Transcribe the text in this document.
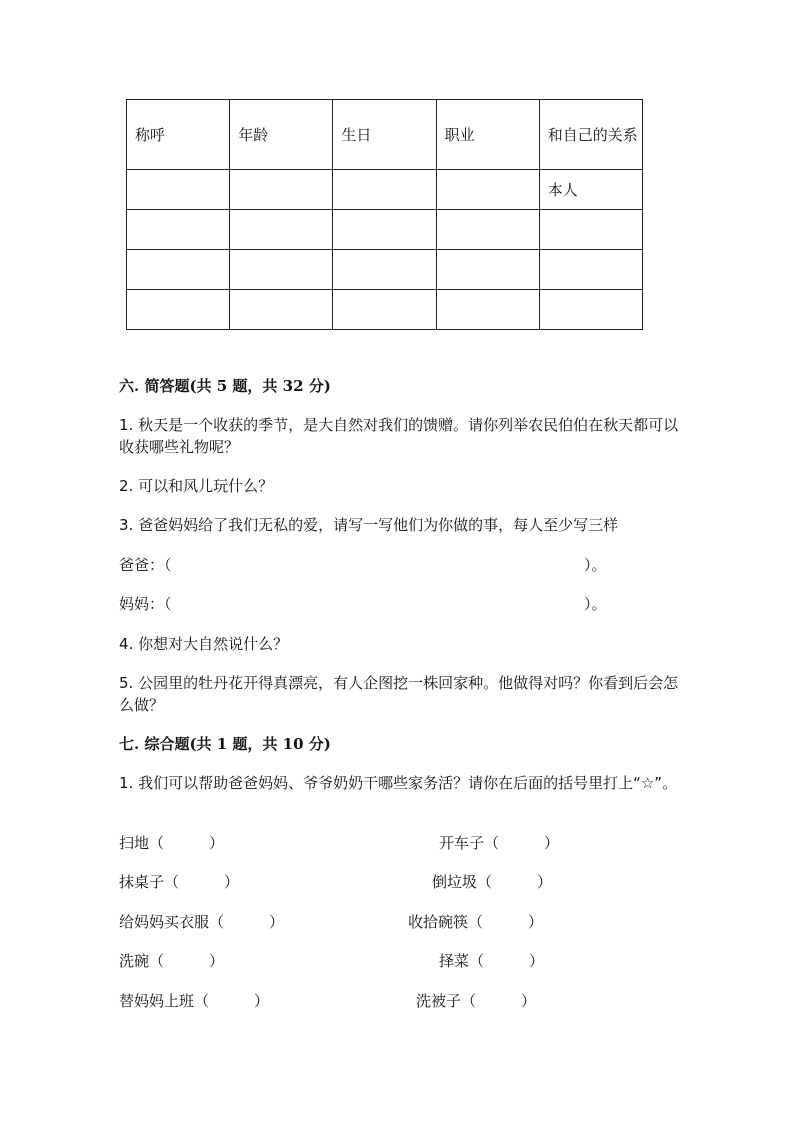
称呼	年龄	生日	职业	和自己的关系
				本人

六. 简答题(共 5 题，共 32 分)
1. 秋天是一个收获的季节，是大自然对我们的馈赠。请你列举农民伯伯在秋天都可以收获哪些礼物呢？
2. 可以和风儿玩什么？
3. 爸爸妈妈给了我们无私的爱，请写一写他们为你做的事，每人至少写三样
爸爸：（	）。
妈妈：（	）。
4. 你想对大自然说什么？
5. 公园里的牡丹花开得真漂亮，有人企图挖一株回家种。他做得对吗？你看到后会怎么做？
七. 综合题(共 1 题，共 10 分)
1. 我们可以帮助爸爸妈妈、爷爷奶奶干哪些家务活？请你在后面的括号里打上“☆”。
扫地（　　　）	开车子（　　　）
抹桌子（　　　）	倒垃圾（　　　）
给妈妈买衣服（　　　）	收拾碗筷（　　　）
洗碗（　　　）	择菜（　　　）
替妈妈上班（　　　）	洗被子（　　　）
